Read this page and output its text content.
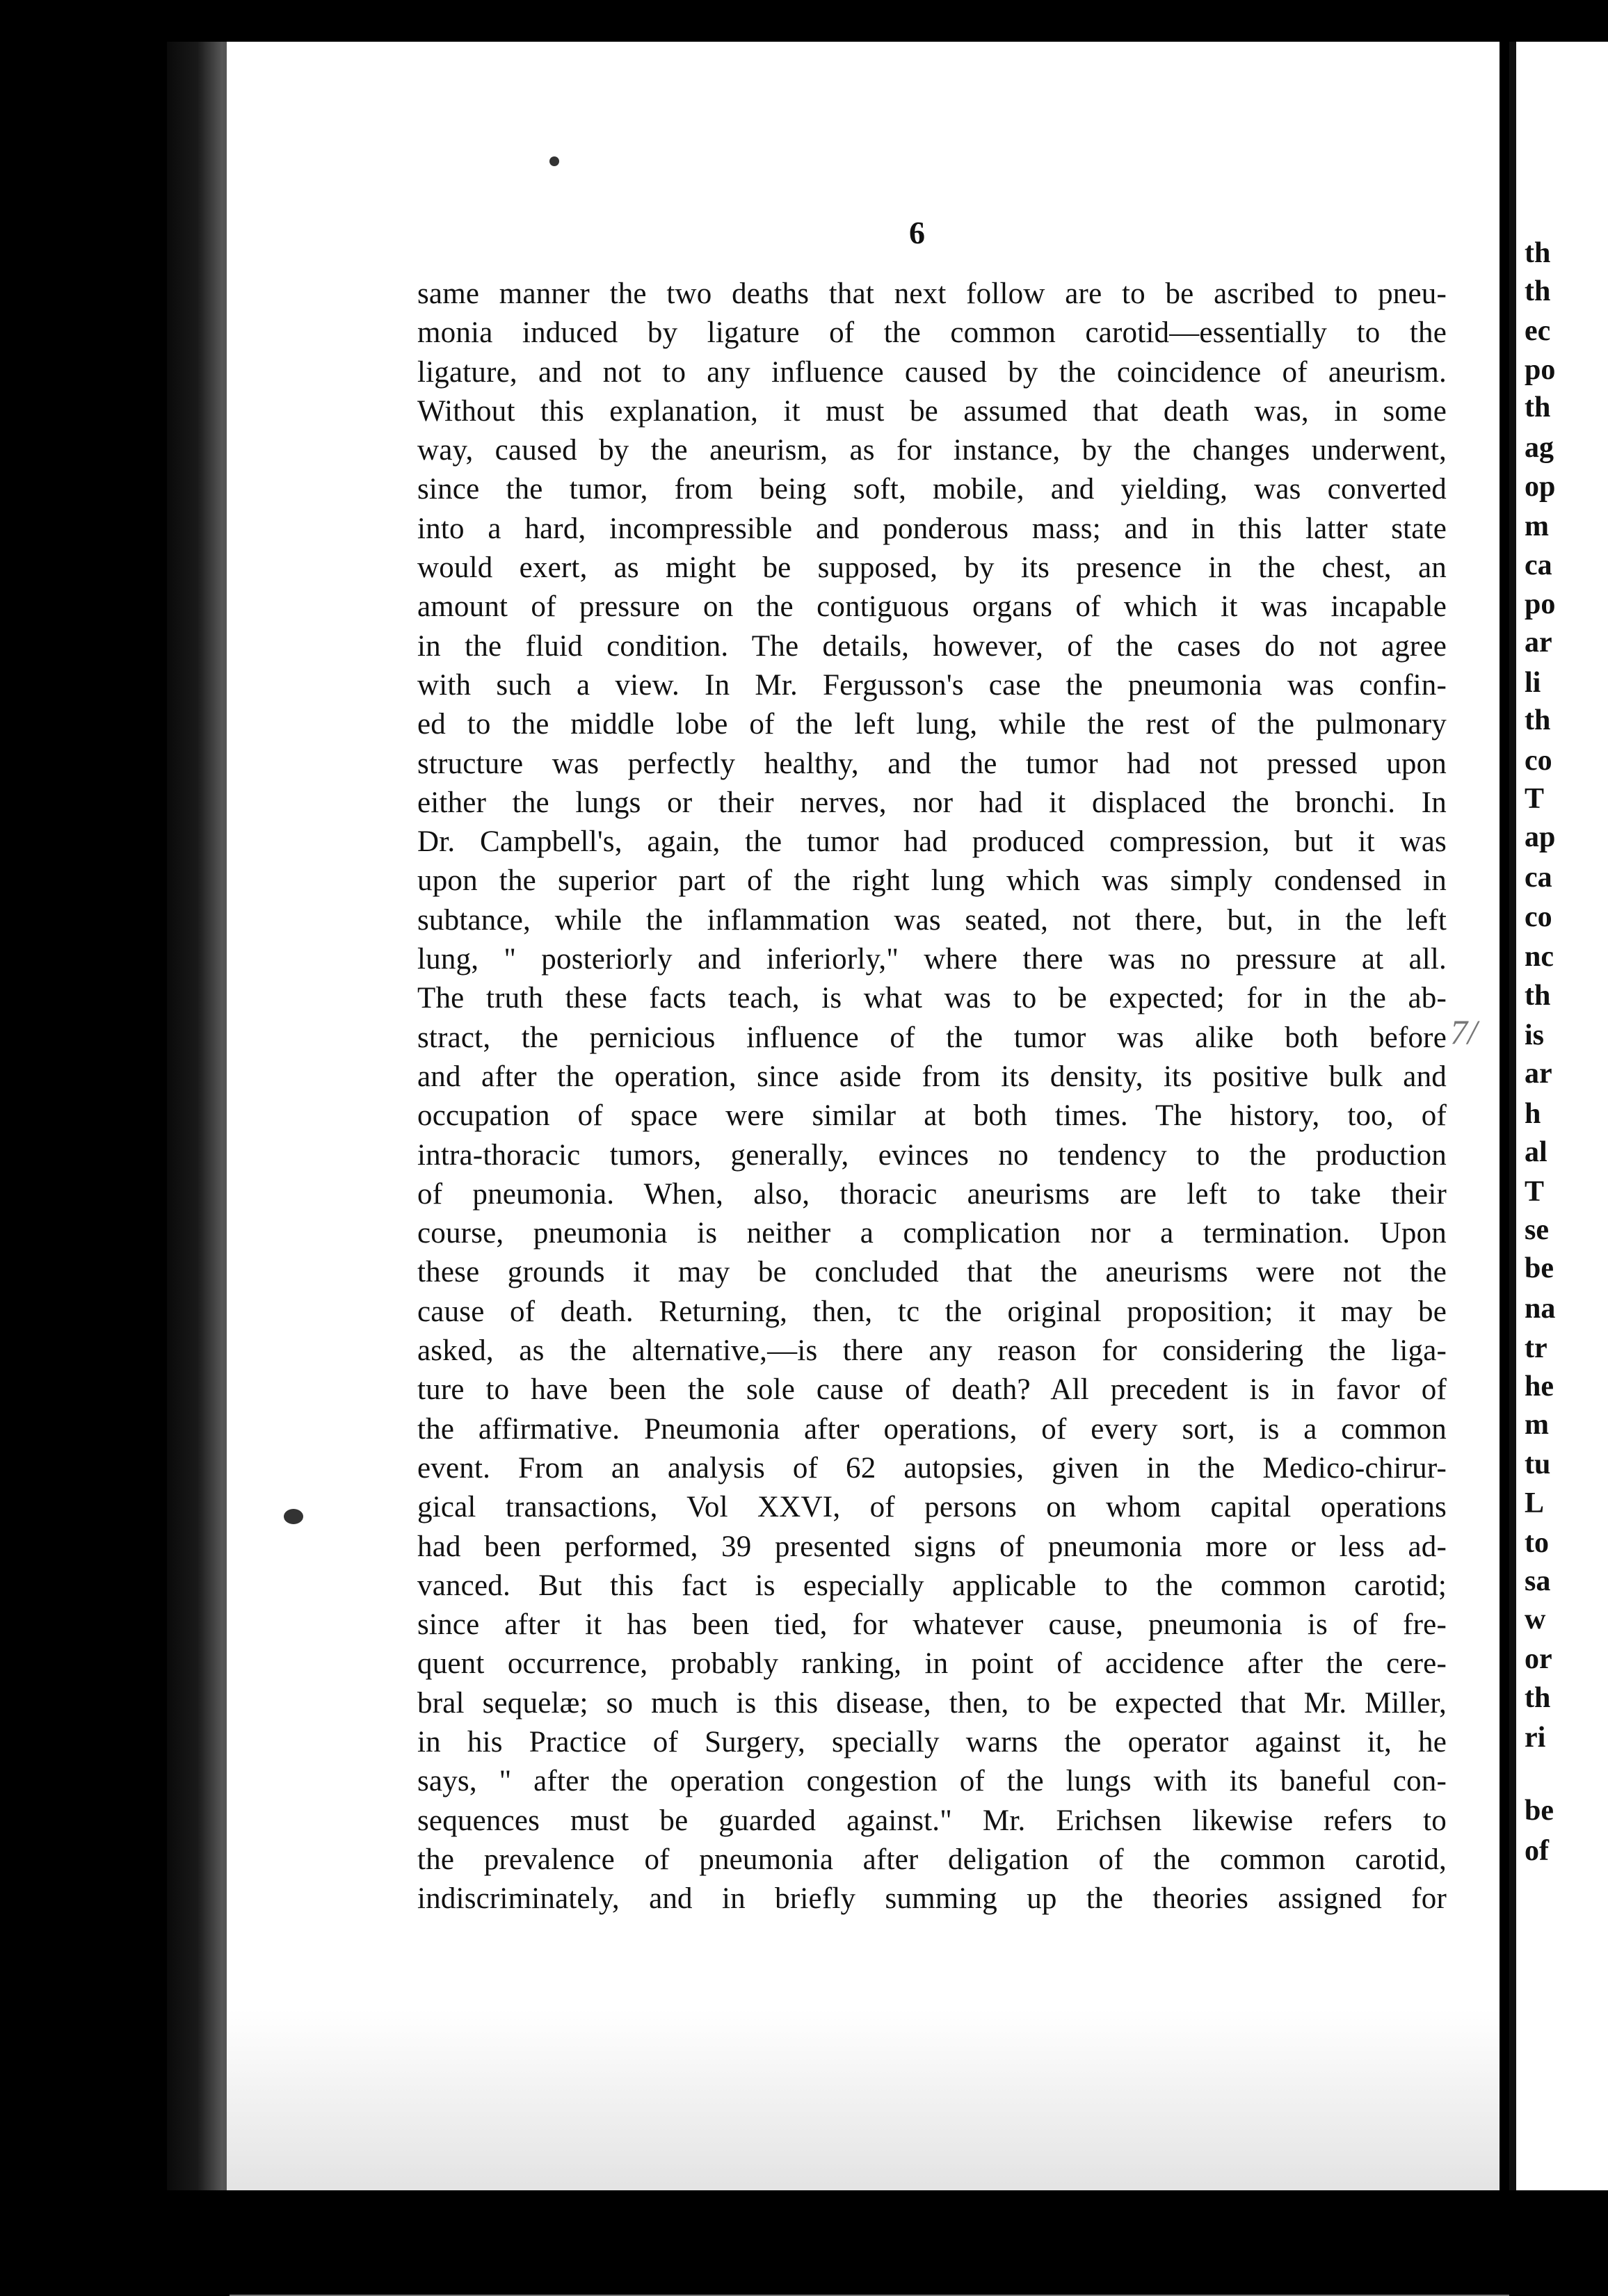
th
th
ec
po
th
ag
op
m
ca
po
ar
li
th
co
T
ap
ca
co
nc
th
is
ar
h
al
T
se
be
na
tr
he
m
tu
L
to
sa
w
or
th
ri
be
of
6
same manner the two deaths that next follow are to be ascribed to pneu-
monia induced by ligature of the common carotid—essentially to the
ligature, and not to any influence caused by the coincidence of aneurism.
Without this explanation, it must be assumed that death was, in some
way, caused by the aneurism, as for instance, by the changes underwent,
since the tumor, from being soft, mobile, and yielding, was converted
into a hard, incompressible and ponderous mass; and in this latter state
would exert, as might be supposed, by its presence in the chest, an
amount of pressure on the contiguous organs of which it was incapable
in the fluid condition. The details, however, of the cases do not agree
with such a view. In Mr. Fergusson's case the pneumonia was confin-
ed to the middle lobe of the left lung, while the rest of the pulmonary
structure was perfectly healthy, and the tumor had not pressed upon
either the lungs or their nerves, nor had it displaced the bronchi. In
Dr. Campbell's, again, the tumor had produced compression, but it was
upon the superior part of the right lung which was simply condensed in
subtance, while the inflammation was seated, not there, but, in the left
lung, " posteriorly and inferiorly," where there was no pressure at all.
The truth these facts teach, is what was to be expected; for in the ab-
stract, the pernicious influence of the tumor was alike both before
and after the operation, since aside from its density, its positive bulk and
occupation of space were similar at both times. The history, too, of
intra-thoracic tumors, generally, evinces no tendency to the production
of pneumonia. When, also, thoracic aneurisms are left to take their
course, pneumonia is neither a complication nor a termination. Upon
these grounds it may be concluded that the aneurisms were not the
cause of death. Returning, then, tc the original proposition; it may be
asked, as the alternative,—is there any reason for considering the liga-
ture to have been the sole cause of death? All precedent is in favor of
the affirmative. Pneumonia after operations, of every sort, is a common
event. From an analysis of 62 autopsies, given in the Medico-chirur-
gical transactions, Vol XXVI, of persons on whom capital operations
had been performed, 39 presented signs of pneumonia more or less ad-
vanced. But this fact is especially applicable to the common carotid;
since after it has been tied, for whatever cause, pneumonia is of fre-
quent occurrence, probably ranking, in point of accidence after the cere-
bral sequelæ; so much is this disease, then, to be expected that Mr. Miller,
in his Practice of Surgery, specially warns the operator against it, he
says, " after the operation congestion of the lungs with its baneful con-
sequences must be guarded against." Mr. Erichsen likewise refers to
the prevalence of pneumonia after deligation of the common carotid,
indiscriminately, and in briefly summing up the theories assigned for
7/
